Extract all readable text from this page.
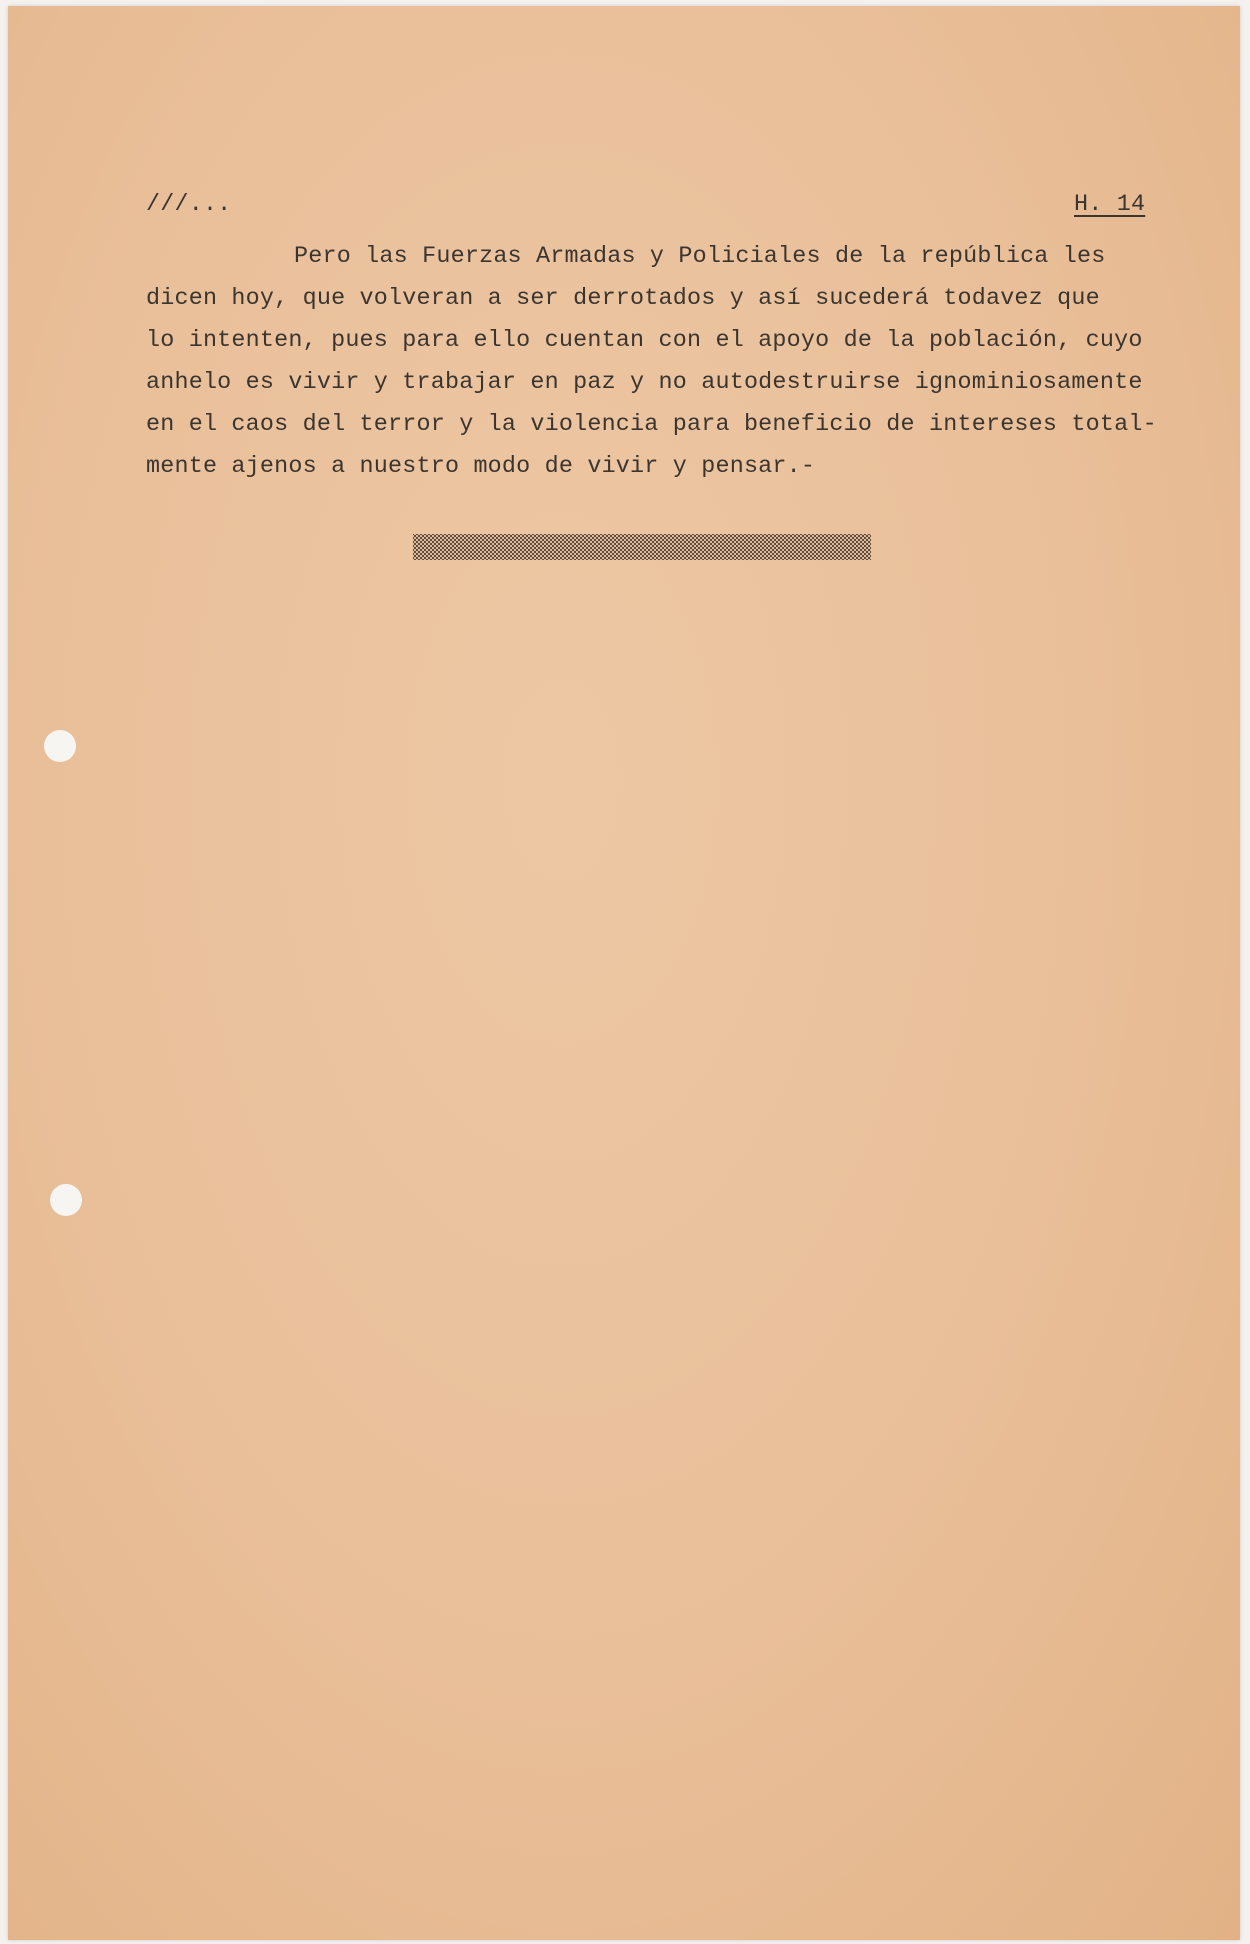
///...	H. 14
Pero las Fuerzas Armadas y Policiales de la república les
dicen hoy, que volveran a ser derrotados y así sucederá todavez que
lo intenten, pues para ello cuentan con el apoyo de la población, cuyo
anhelo es vivir y trabajar en paz y no autodestruirse ignominiosamente
en el caos del terror y la violencia para beneficio de intereses total-
mente ajenos a nuestro modo de vivir y pensar.-
